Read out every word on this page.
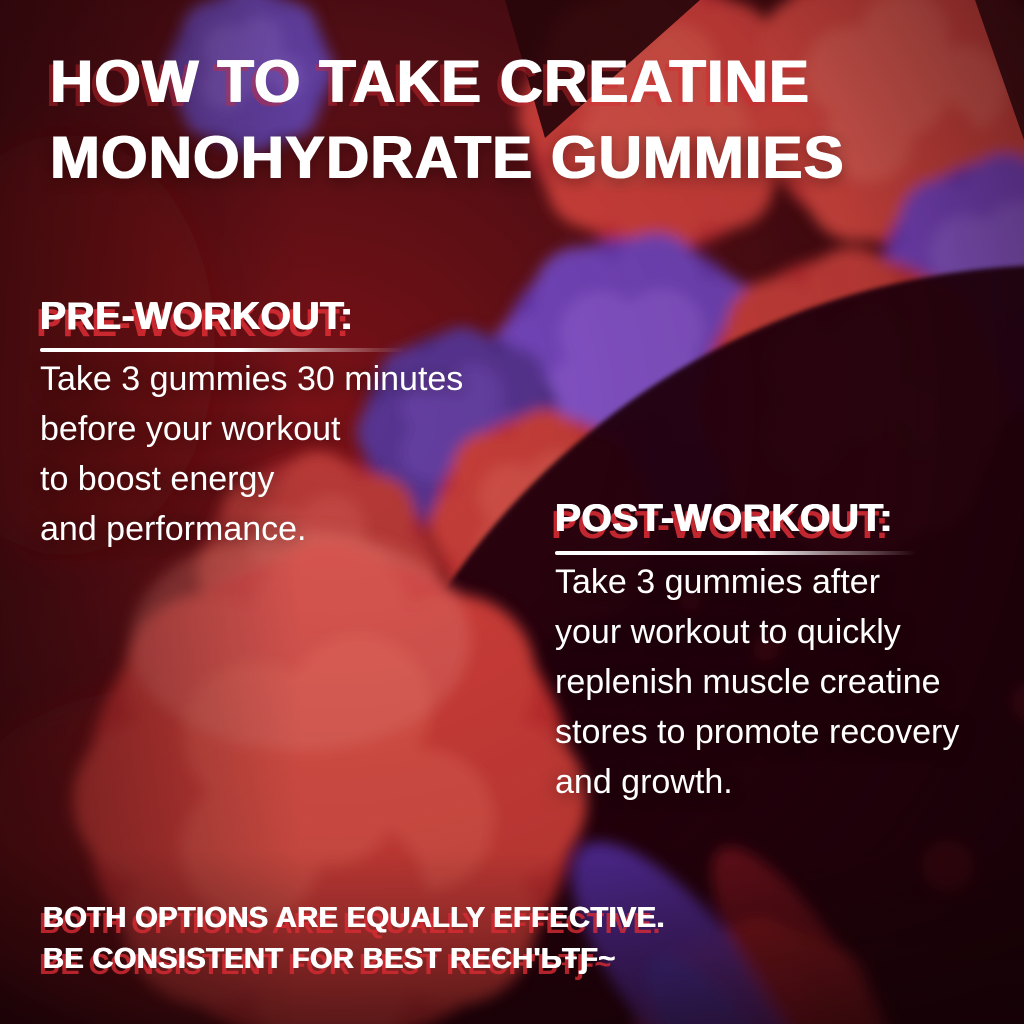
HOW TO TAKE CREATINE
MONOHYDRATE GUMMIES
PRE-WORKOUT:
Take 3 gummies 30 minutes
before your workout
to boost energy
and performance.	POST-WORKOUT:
Take 3 gummies after
your workout to quickly
replenish muscle creatine
stores to promote recovery
and growth.
BOTH OPTIONS ARE EQUALLY EFFECTIVE.
BE CONSISTENT FOR BEST REЄН'ЬŦƑ~
